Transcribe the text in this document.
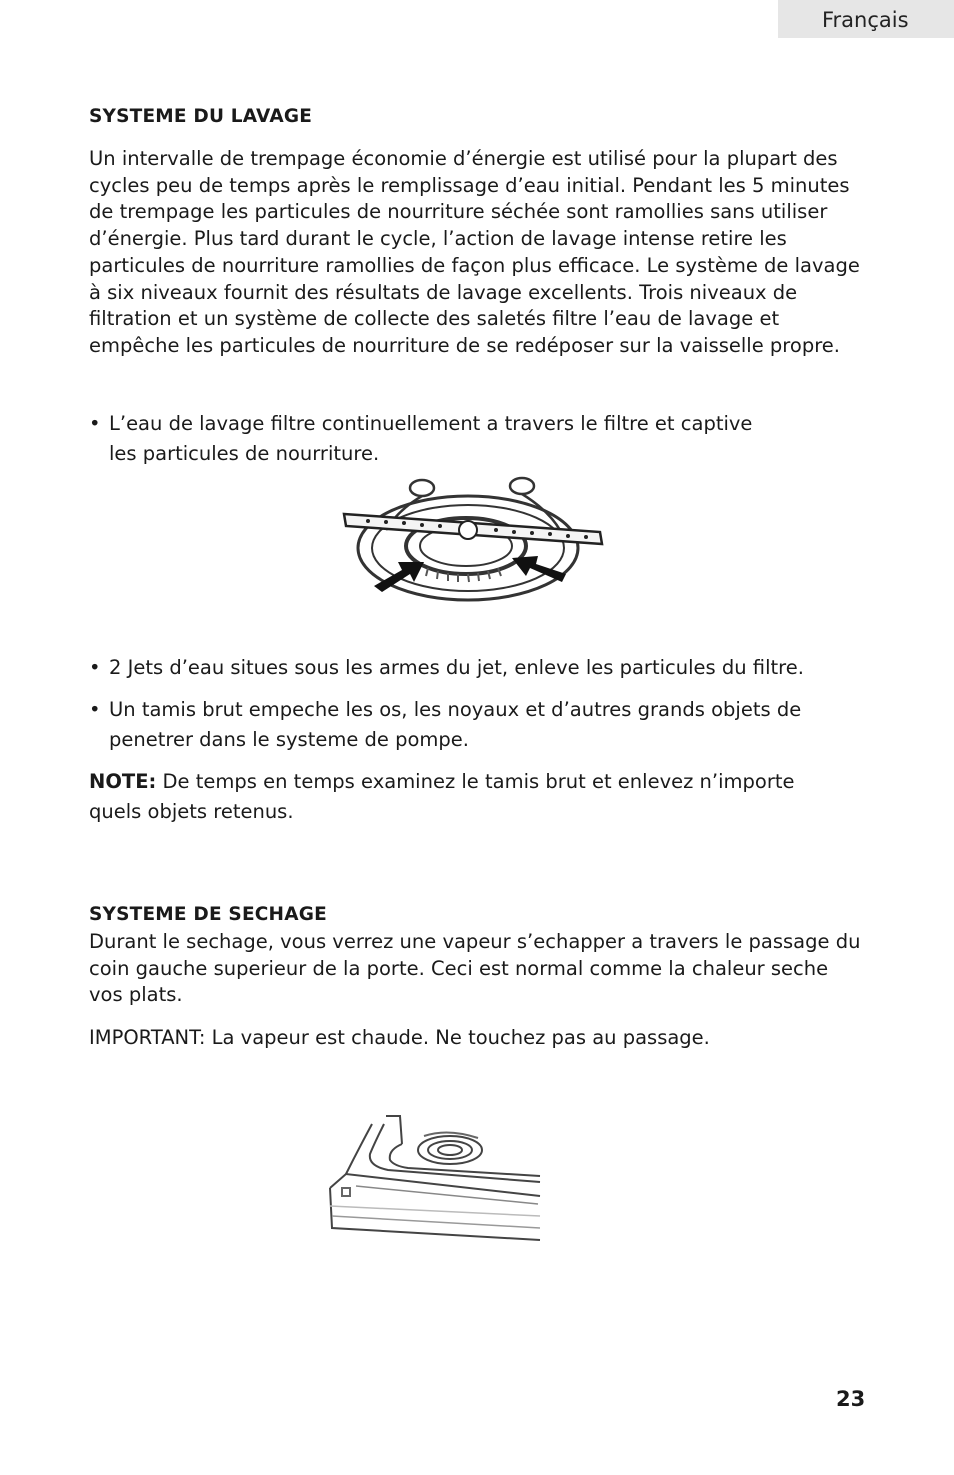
Français
SYSTEME DU LAVAGE
Un intervalle de trempage économie d’énergie est utilisé pour la plupart des cycles peu de temps après le remplissage d’eau initial. Pendant les 5 minutes de trempage les particules de nourriture séchée sont ramollies sans utiliser d’énergie. Plus tard durant le cycle, l’action de lavage intense retire les particules de nourriture ramollies de façon plus efficace. Le système de lavage à six niveaux fournit des résultats de lavage excellents. Trois niveaux de filtration et un système de collecte des saletés filtre l’eau de lavage et empêche les particules de nourriture de se redéposer sur la vaisselle propre.
• L’eau de lavage filtre continuellement a travers le filtre et captive les particules de nourriture.
• 2 Jets d’eau situes sous les armes du jet, enleve les particules du filtre.
• Un tamis brut empeche les os, les noyaux et d’autres grands objets de penetrer dans le systeme de pompe.
NOTE: De temps en temps examinez le tamis brut et enlevez n’importe quels objets retenus.
SYSTEME DE SECHAGE
Durant le sechage, vous verrez une vapeur s’echapper a travers le passage du coin gauche superieur de la porte. Ceci est normal comme la chaleur seche vos plats.
IMPORTANT: La vapeur est chaude. Ne touchez pas au passage.
23
